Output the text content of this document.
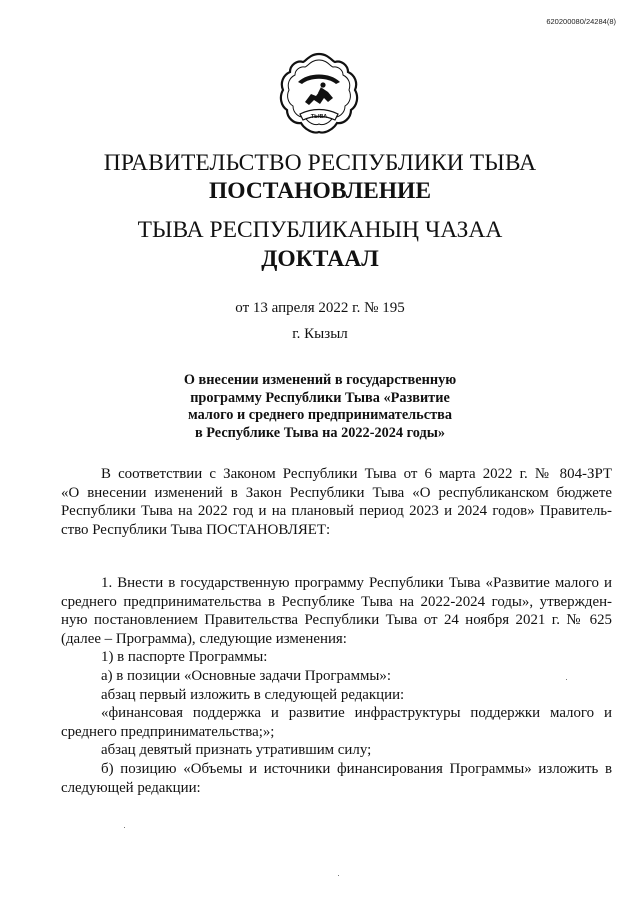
620200080/24284(8)
ТЫВА
ПРАВИТЕЛЬСТВО РЕСПУБЛИКИ ТЫВА
ПОСТАНОВЛЕНИЕ
ТЫВА РЕСПУБЛИКАНЫҢ ЧАЗАА
ДОКТААЛ
от 13 апреля 2022 г. № 195
г. Кызыл
О внесении изменений в государственную
программу Республики Тыва «Развитие
малого и среднего предпринимательства
в Республике Тыва на 2022-2024 годы»
В соответствии с Законом Республики Тыва от 6 марта 2022 г. № 804-ЗРТ
«О внесении изменений в Закон Республики Тыва «О республиканском бюджете
Республики Тыва на 2022 год и на плановый период 2023 и 2024 годов» Правитель-
ство Республики Тыва ПОСТАНОВЛЯЕТ:
1. Внести в государственную программу Республики Тыва «Развитие малого и
среднего предпринимательства в Республике Тыва на 2022-2024 годы», утвержден-
ную постановлением Правительства Республики Тыва от 24 ноября 2021 г. № 625
(далее – Программа), следующие изменения:
1) в паспорте Программы:
а) в позиции «Основные задачи Программы»:
абзац первый изложить в следующей редакции:
«финансовая поддержка и развитие инфраструктуры поддержки малого и
среднего предпринимательства;»;
абзац девятый признать утратившим силу;
б) позицию «Объемы и источники финансирования Программы» изложить в
следующей редакции:
